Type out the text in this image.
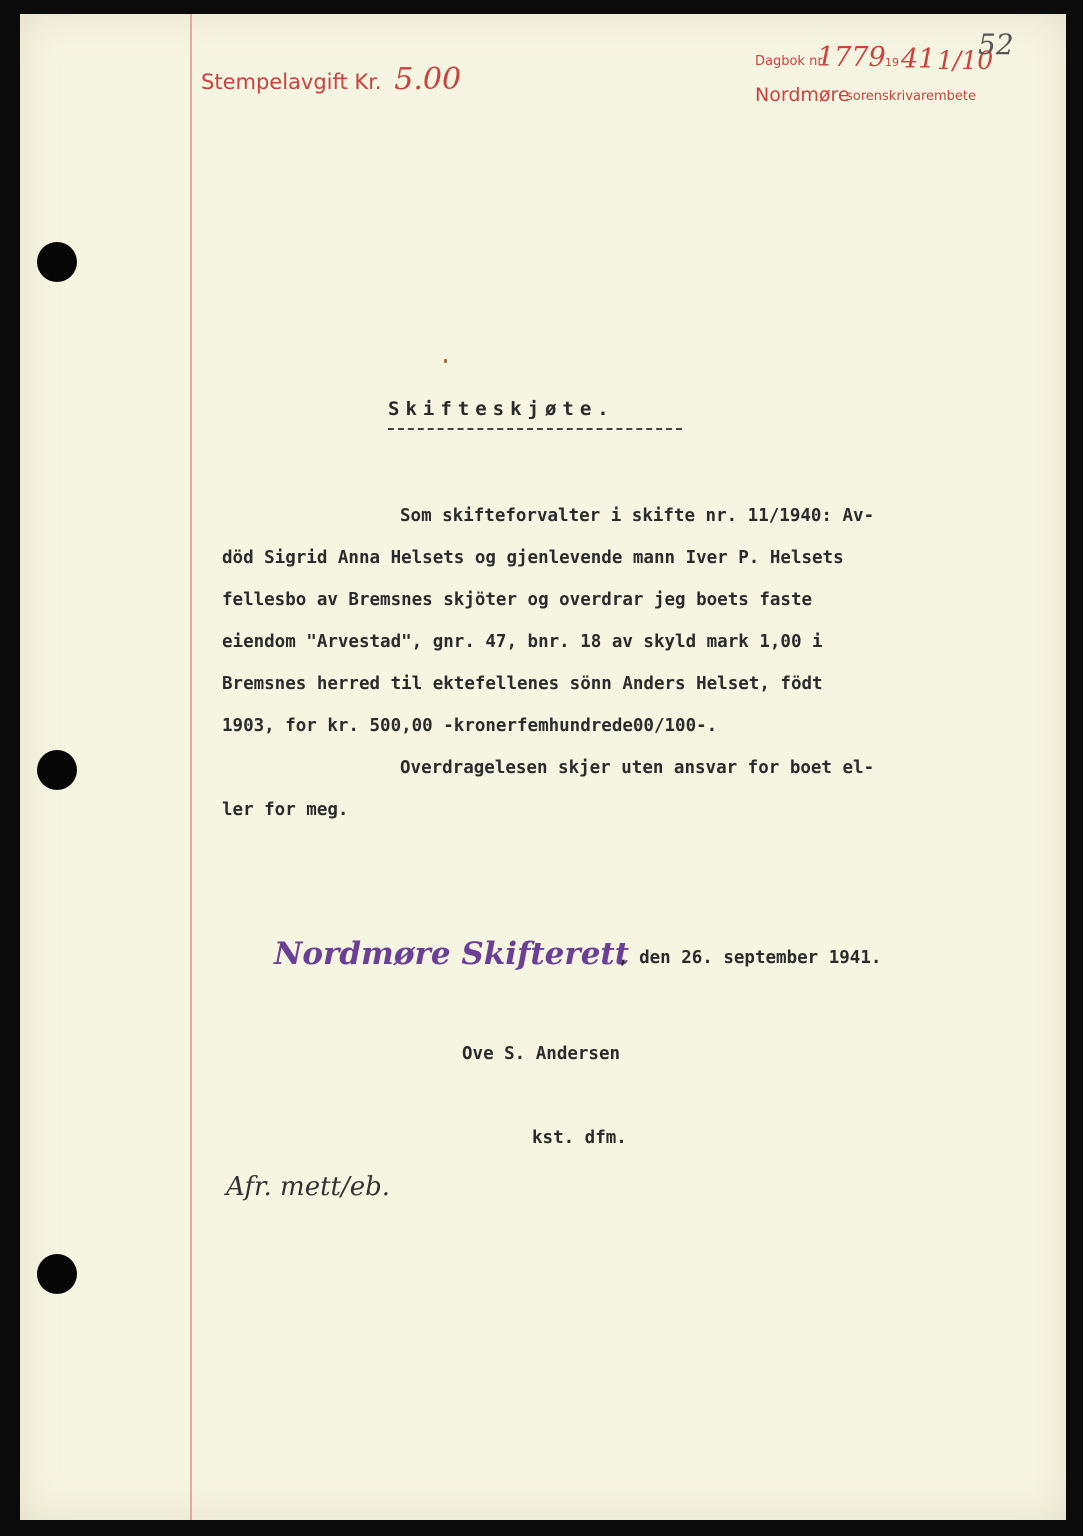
Stempelavgift Kr. 5.00
Dagbok nr.
1779 19 41 1/10
Nordmøre
sorenskrivarembete
52
Skifteskjøte.
Som skifteforvalter i skifte nr. 11/1940: Av-
död Sigrid Anna Helsets og gjenlevende mann Iver P. Helsets
fellesbo av Bremsnes skjöter og overdrar jeg boets faste
eiendom "Arvestad", gnr. 47, bnr. 18 av skyld mark 1,00 i
Bremsnes herred til ektefellenes sönn Anders Helset, födt
1903, for kr. 500,00 -kronerfemhundrede00/100-.
Overdragelesen skjer uten ansvar for boet el-
ler for meg.
Nordmøre Skifterett
, den 26. september 1941.
Ove S. Andersen
kst. dfm.
Afr. mett/eb.
